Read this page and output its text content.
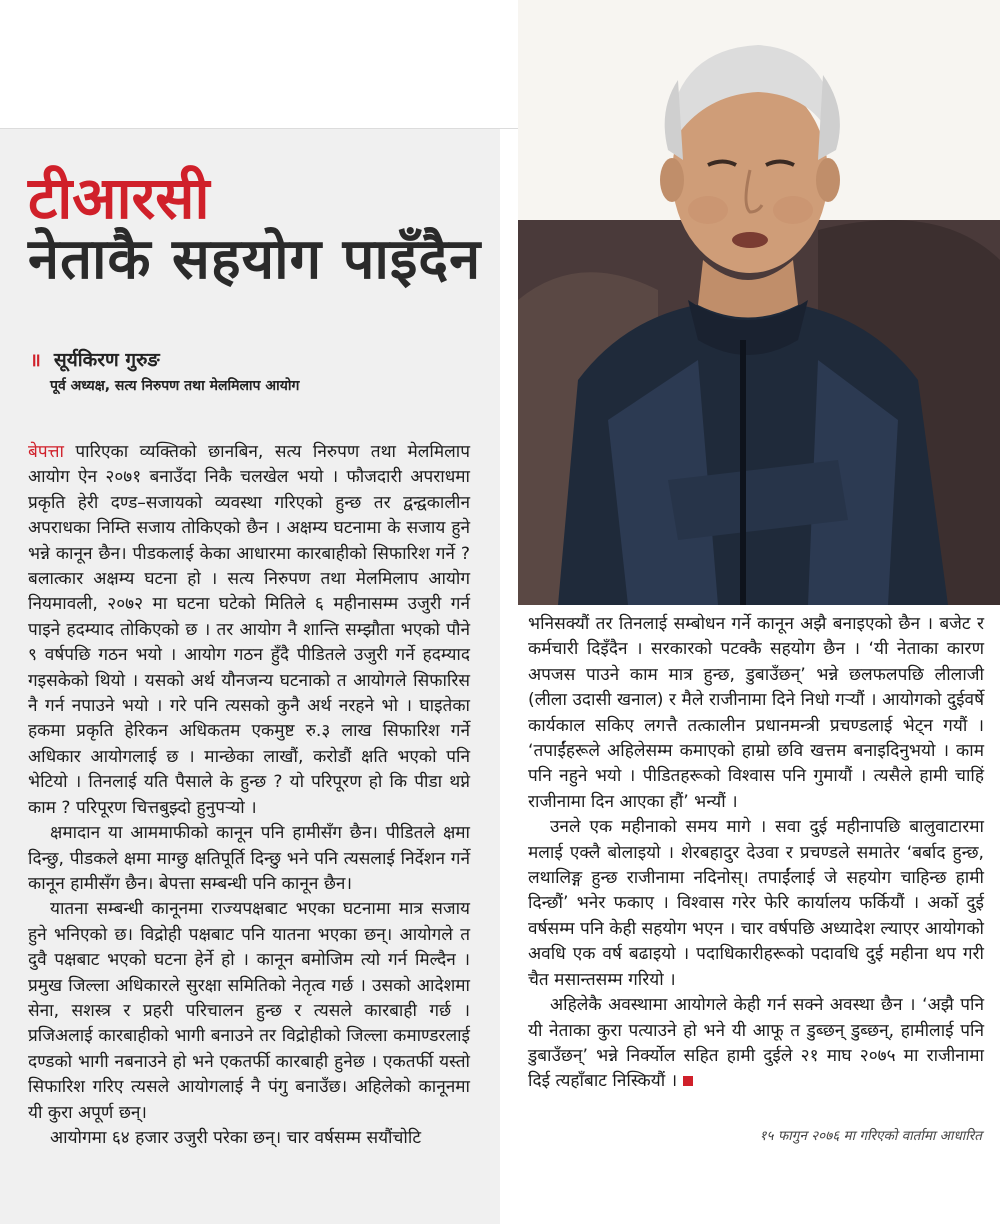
टीआरसी
नेताकै सहयोग पाइँदैन
॥ सूर्यकिरण गुरुङ
पूर्व अध्यक्ष, सत्य निरुपण तथा मेलमिलाप आयोग

बेपत्ता पारिएका व्यक्तिको छानबिन, सत्य निरुपण तथा मेलमिलाप आयोग ऐन २०७१ बनाउँदा निकै चलखेल भयो । फौजदारी अपराधमा प्रकृति हेरी दण्ड–सजायको व्यवस्था गरिएको हुन्छ तर द्वन्द्वकालीन अपराधका निम्ति सजाय तोकिएको छैन । अक्षम्य घटनामा के सजाय हुने भन्ने कानून छैन। पीडकलाई केका आधारमा कारबाहीको सिफारिश गर्ने ? बलात्कार अक्षम्य घटना हो । सत्य निरुपण तथा मेलमिलाप आयोग नियमावली, २०७२ मा घटना घटेको मितिले ६ महीनासम्म उजुरी गर्न पाइने हदम्याद तोकिएको छ । तर आयोग नै शान्ति सम्झौता भएको पौने ९ वर्षपछि गठन भयो । आयोग गठन हुँदै पीडितले उजुरी गर्ने हदम्याद गइसकेको थियो । यसको अर्थ यौनजन्य घटनाको त आयोगले सिफारिस नै गर्न नपाउने भयो । गरे पनि त्यसको कुनै अर्थ नरहने भो । घाइतेका हकमा प्रकृति हेरिकन अधिकतम एकमुष्ट रु.३ लाख सिफारिश गर्ने अधिकार आयोगलाई छ । मान्छेका लाखौं, करोडौं क्षति भएको पनि भेटियो । तिनलाई यति पैसाले के हुन्छ ? यो परिपूरण हो कि पीडा थप्ने काम ? परिपूरण चित्तबुझ्दो हुनुपर्‍यो ।

क्षमादान या आममाफीको कानून पनि हामीसँग छैन। पीडितले क्षमा दिन्छु, पीडकले क्षमा माग्छु क्षतिपूर्ति दिन्छु भने पनि त्यसलाई निर्देशन गर्ने कानून हामीसँग छैन। बेपत्ता सम्बन्धी पनि कानून छैन।

यातना सम्बन्धी कानूनमा राज्यपक्षबाट भएका घटनामा मात्र सजाय हुने भनिएको छ। विद्रोही पक्षबाट पनि यातना भएका छन्। आयोगले त दुवै पक्षबाट भएको घटना हेर्ने हो । कानून बमोजिम त्यो गर्न मिल्दैन । प्रमुख जिल्ला अधिकारले सुरक्षा समितिको नेतृत्व गर्छ । उसको आदेशमा सेना, सशस्त्र र प्रहरी परिचालन हुन्छ र त्यसले कारबाही गर्छ । प्रजिअलाई कारबाहीको भागी बनाउने तर विद्रोहीको जिल्ला कमाण्डरलाई दण्डको भागी नबनाउने हो भने एकतर्फी कारबाही हुनेछ । एकतर्फी यस्तो सिफारिश गरिए त्यसले आयोगलाई नै पंगु बनाउँछ। अहिलेको कानूनमा यी कुरा अपूर्ण छन्।

आयोगमा ६४ हजार उजुरी परेका छन्। चार वर्षसम्म सयौंचोटि

भनिसक्यौं तर तिनलाई सम्बोधन गर्ने कानून अझै बनाइएको छैन । बजेट र कर्मचारी दिइँदैन । सरकारको पटक्कै सहयोग छैन । ‘यी नेताका कारण अपजस पाउने काम मात्र हुन्छ, डुबाउँछन्’ भन्ने छलफलपछि लीलाजी (लीला उदासी खनाल) र मैले राजीनामा दिने निधो गर्‍यौं । आयोगको दुईवर्षे कार्यकाल सकिए लगत्तै तत्कालीन प्रधानमन्त्री प्रचण्डलाई भेट्न गयौं । ‘तपाईंहरूले अहिलेसम्म कमाएको हाम्रो छवि खत्तम बनाइदिनुभयो । काम पनि नहुने भयो । पीडितहरूको विश्वास पनि गुमायौं । त्यसैले हामी चाहिं राजीनामा दिन आएका हौं’ भन्यौं ।

उनले एक महीनाको समय मागे । सवा दुई महीनापछि बालुवाटारमा मलाई एक्लै बोलाइयो । शेरबहादुर देउवा र प्रचण्डले समातेर ‘बर्बाद हुन्छ, लथालिङ्ग हुन्छ राजीनामा नदिनोस्। तपाईंलाई जे सहयोग चाहिन्छ हामी दिन्छौं’ भनेर फकाए । विश्वास गरेर फेरि कार्यालय फर्कियौं । अर्को दुई वर्षसम्म पनि केही सहयोग भएन । चार वर्षपछि अध्यादेश ल्याएर आयोगको अवधि एक वर्ष बढाइयो । पदाधिकारीहरूको पदावधि दुई महीना थप गरी चैत मसान्तसम्म गरियो ।

अहिलेकै अवस्थामा आयोगले केही गर्न सक्ने अवस्था छैन । ‘अझै पनि यी नेताका कुरा पत्याउने हो भने यी आफू त डुब्छन् डुब्छन्, हामीलाई पनि डुबाउँछन्’ भन्ने निर्क्याेल सहित हामी दुईले २१ माघ २०७५ मा राजीनामा दिई त्यहाँबाट निस्कियौं ।

१५ फागुन २०७६ मा गरिएको वार्तामा आधारित
